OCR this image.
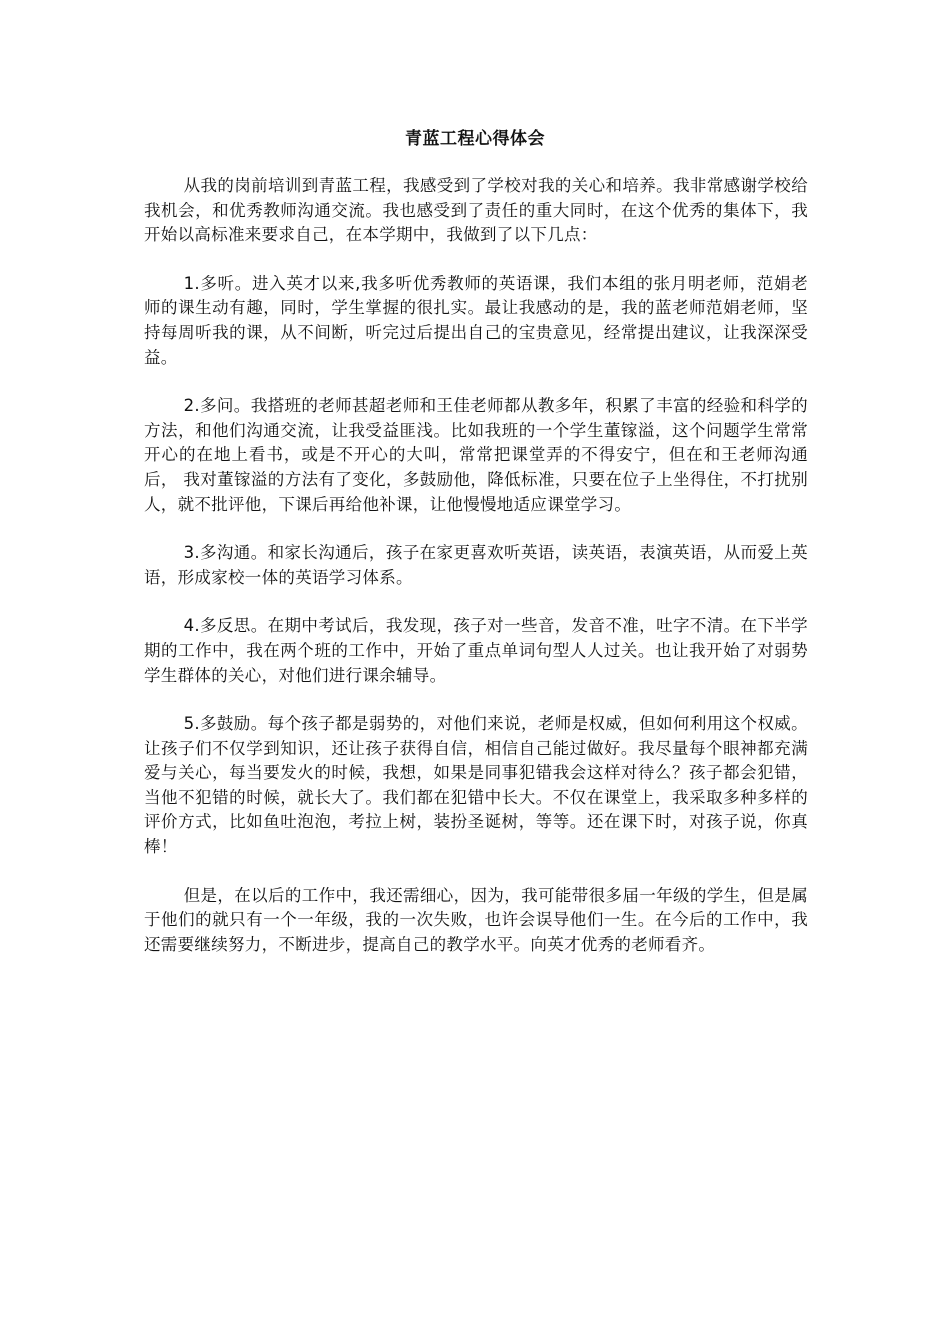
青蓝工程心得体会

从我的岗前培训到青蓝工程，我感受到了学校对我的关心和培养。我非常感谢学校给我机会，和优秀教师沟通交流。我也感受到了责任的重大同时，在这个优秀的集体下，我开始以高标准来要求自己，在本学期中，我做到了以下几点：

1.多听。进入英才以来,我多听优秀教师的英语课，我们本组的张月明老师，范娟老师的课生动有趣，同时，学生掌握的很扎实。最让我感动的是，我的蓝老师范娟老师，坚持每周听我的课，从不间断，听完过后提出自己的宝贵意见，经常提出建议，让我深深受益。

2.多问。我搭班的老师甚超老师和王佳老师都从教多年，积累了丰富的经验和科学的方法，和他们沟通交流，让我受益匪浅。比如我班的一个学生董镓溢，这个问题学生常常开心的在地上看书，或是不开心的大叫，常常把课堂弄的不得安宁，但在和王老师沟通后， 我对董镓溢的方法有了变化，多鼓励他，降低标准，只要在位子上坐得住，不打扰别人，就不批评他，下课后再给他补课，让他慢慢地适应课堂学习。

3.多沟通。和家长沟通后，孩子在家更喜欢听英语，读英语，表演英语，从而爱上英语，形成家校一体的英语学习体系。

4.多反思。在期中考试后，我发现，孩子对一些音，发音不准，吐字不清。在下半学期的工作中，我在两个班的工作中，开始了重点单词句型人人过关。也让我开始了对弱势学生群体的关心，对他们进行课余辅导。

5.多鼓励。每个孩子都是弱势的，对他们来说，老师是权威，但如何利用这个权威。让孩子们不仅学到知识，还让孩子获得自信，相信自己能过做好。我尽量每个眼神都充满爱与关心，每当要发火的时候，我想，如果是同事犯错我会这样对待么？孩子都会犯错，当他不犯错的时候，就长大了。我们都在犯错中长大。不仅在课堂上，我采取多种多样的评价方式，比如鱼吐泡泡，考拉上树，装扮圣诞树，等等。还在课下时，对孩子说，你真棒！

但是，在以后的工作中，我还需细心，因为，我可能带很多届一年级的学生，但是属于他们的就只有一个一年级，我的一次失败，也许会误导他们一生。在今后的工作中，我还需要继续努力，不断进步，提高自己的教学水平。向英才优秀的老师看齐。
